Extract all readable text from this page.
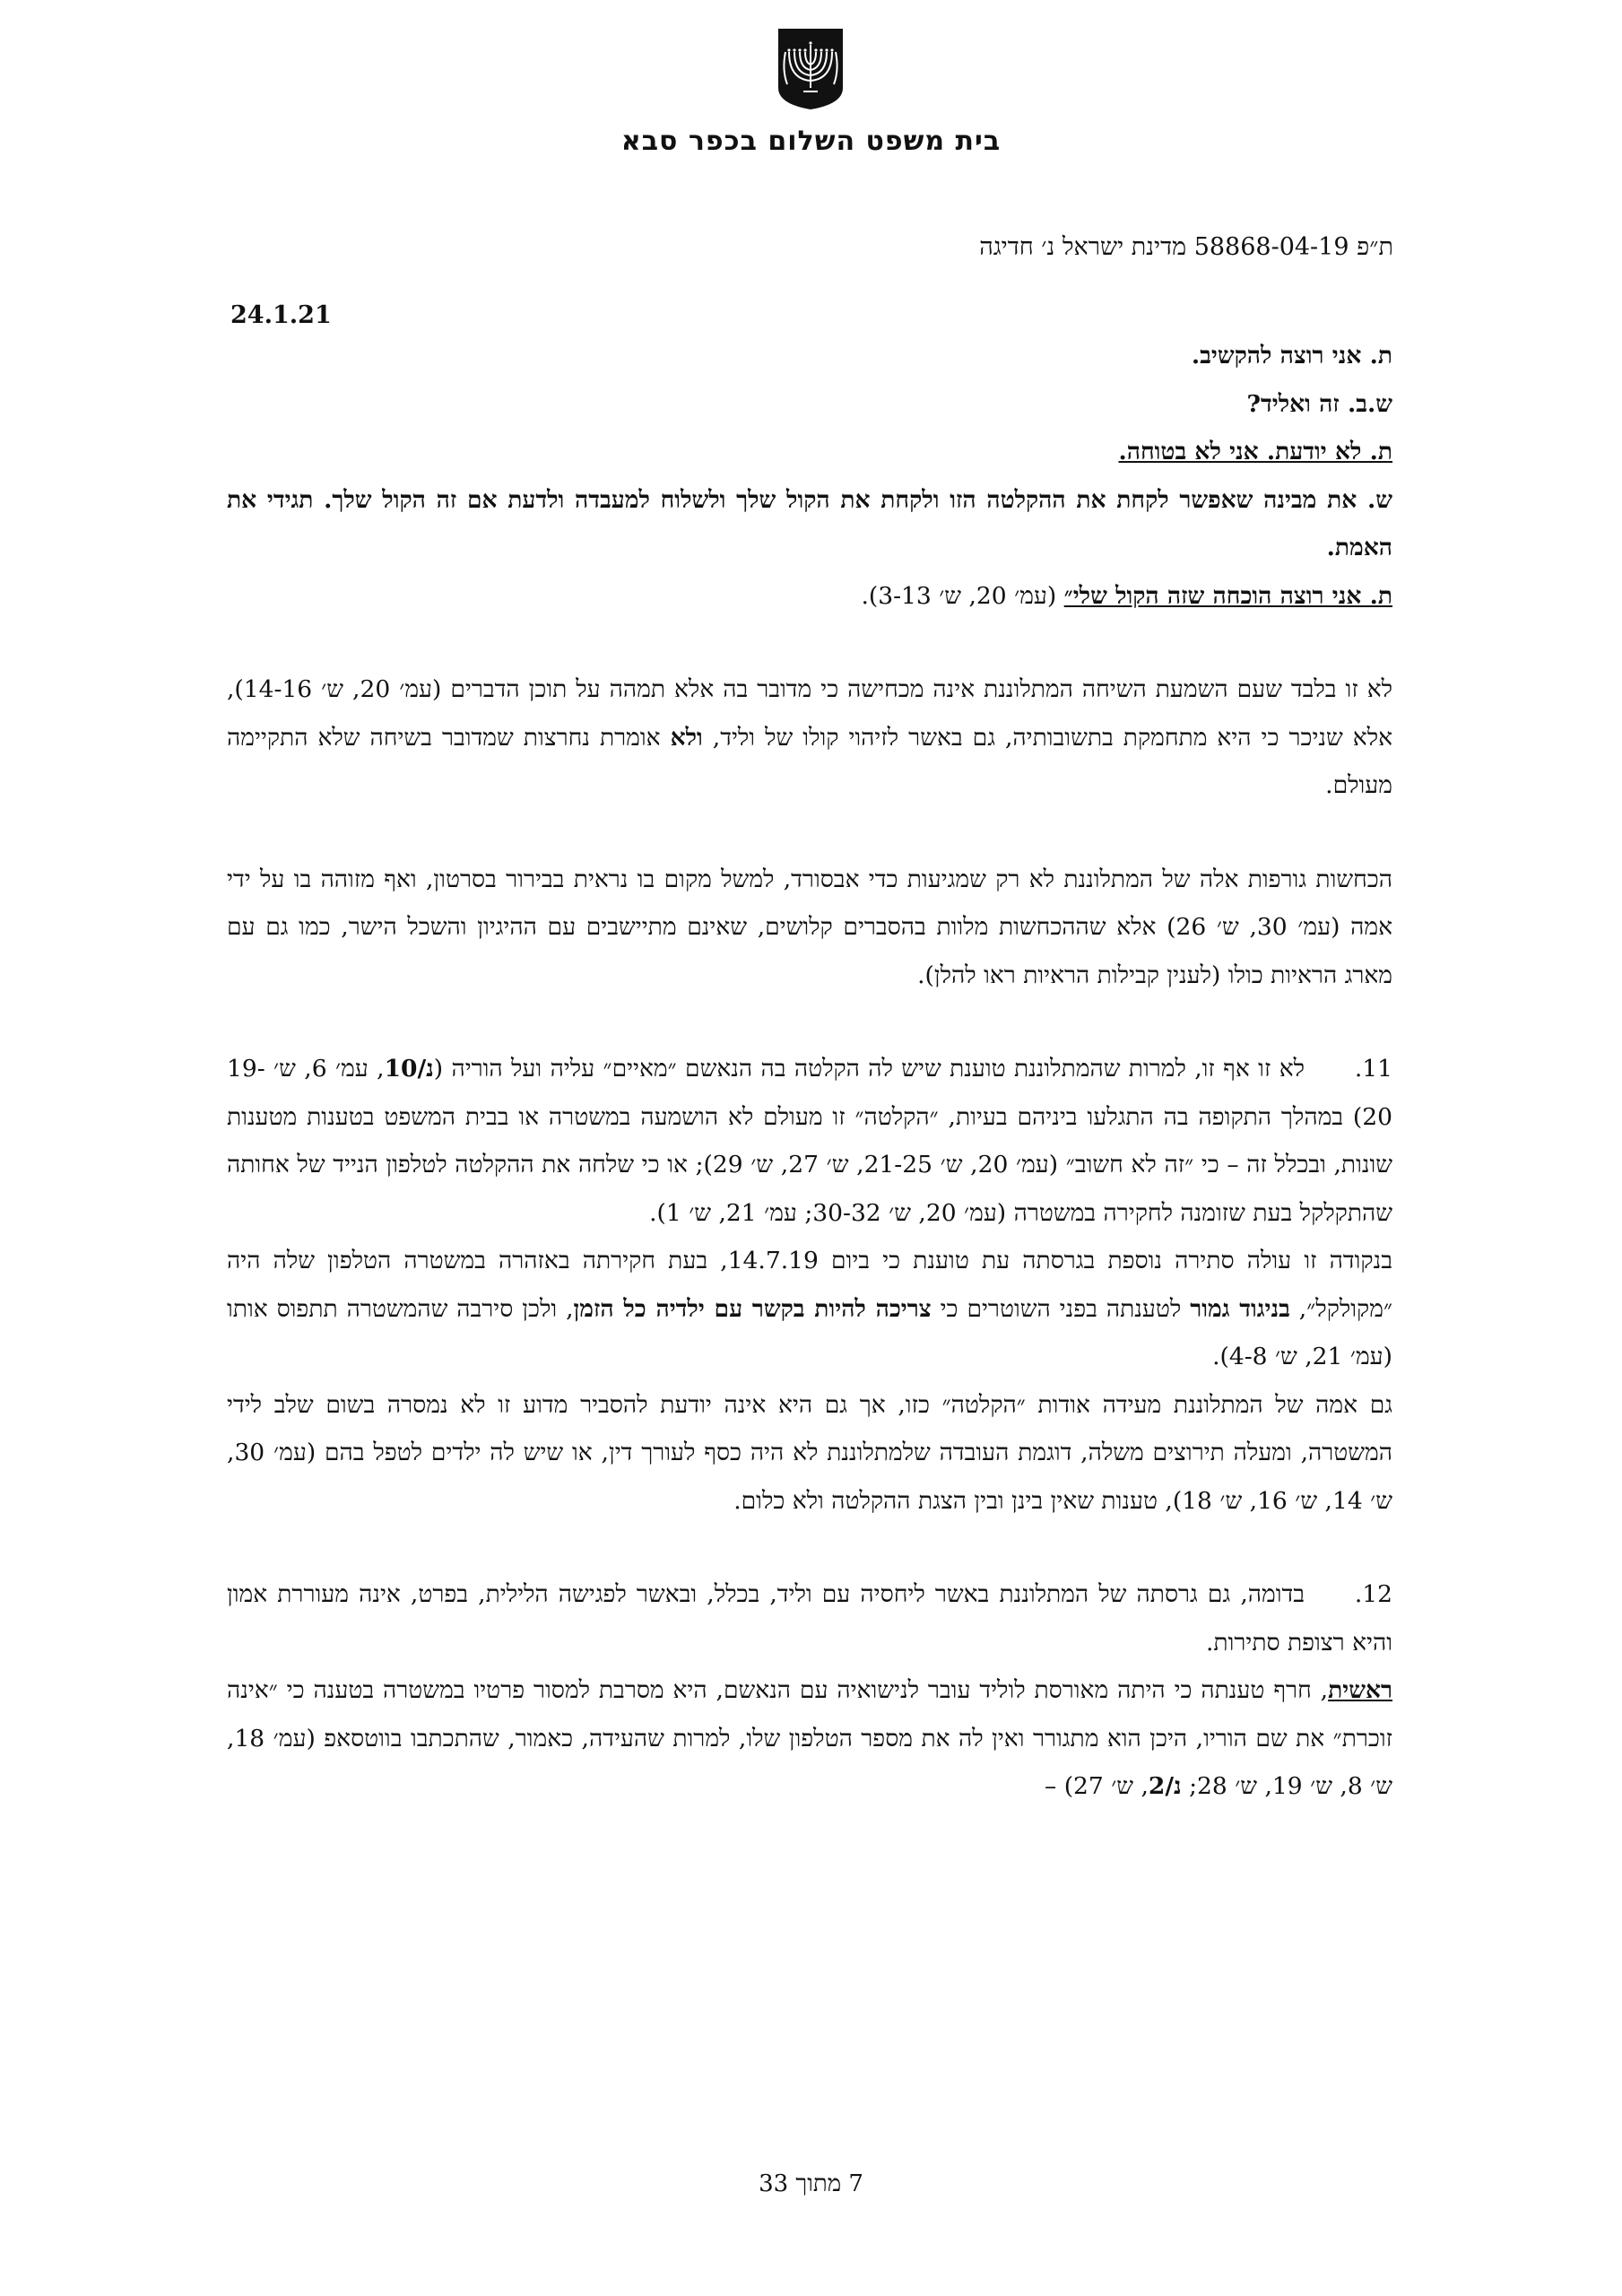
בית משפט השלום בכפר סבא
ת״פ 58868-04-19 מדינת ישראל נ׳ חדיגה
24.1.21

ת. אני רוצה להקשיב.

ש.ב. זה ואליד?

ת. לא יודעת. אני לא בטוחה.

ש. את מבינה שאפשר לקחת את ההקלטה הזו ולקחת את הקול שלך ולשלוח למעבדה ולדעת אם זה הקול שלך. תגידי את האמת.

ת. אני רוצה הוכחה שזה הקול שלי״ (עמ׳ 20, ש׳ 3-13).

לא זו בלבד שעם השמעת השיחה המתלוננת אינה מכחישה כי מדובר בה אלא תמהה על תוכן הדברים (עמ׳ 20, ש׳ 14-16), אלא שניכר כי היא מתחמקת בתשובותיה, גם באשר לזיהוי קולו של וליד, ולא אומרת נחרצות שמדובר בשיחה שלא התקיימה מעולם.

הכחשות גורפות אלה של המתלוננת לא רק שמגיעות כדי אבסורד, למשל מקום בו נראית בבירור בסרטון, ואף מזוהה בו על ידי אמה (עמ׳ 30, ש׳ 26) אלא שההכחשות מלוות בהסברים קלושים, שאינם מתיישבים עם ההיגיון והשכל הישר, כמו גם עם מארג הראיות כולו (לענין קבילות הראיות ראו להלן).

11.לא זו אף זו, למרות שהמתלוננת טוענת שיש לה הקלטה בה הנאשם ״מאיים״ עליה ועל הוריה (נ/10, עמ׳ 6, ש׳ 19-20) במהלך התקופה בה התגלעו ביניהם בעיות, ״הקלטה״ זו מעולם לא הושמעה במשטרה או בבית המשפט בטענות מטענות שונות, ובכלל זה – כי ״זה לא חשוב״ (עמ׳ 20, ש׳ 21-25, ש׳ 27, ש׳ 29); או כי שלחה את ההקלטה לטלפון הנייד של אחותה שהתקלקל בעת שזומנה לחקירה במשטרה (עמ׳ 20, ש׳ 30-32; עמ׳ 21, ש׳ 1).

בנקודה זו עולה סתירה נוספת בגרסתה עת טוענת כי ביום 14.7.19, בעת חקירתה באזהרה במשטרה הטלפון שלה היה ״מקולקל״, בניגוד גמור לטענתה בפני השוטרים כי צריכה להיות בקשר עם ילדיה כל הזמן, ולכן סירבה שהמשטרה תתפוס אותו (עמ׳ 21, ש׳ 4-8).

גם אמה של המתלוננת מעידה אודות ״הקלטה״ כזו, אך גם היא אינה יודעת להסביר מדוע זו לא נמסרה בשום שלב לידי המשטרה, ומעלה תירוצים משלה, דוגמת העובדה שלמתלוננת לא היה כסף לעורך דין, או שיש לה ילדים לטפל בהם (עמ׳ 30, ש׳ 14, ש׳ 16, ש׳ 18), טענות שאין בינן ובין הצגת ההקלטה ולא כלום.

12.בדומה, גם גרסתה של המתלוננת באשר ליחסיה עם וליד, בכלל, ובאשר לפגישה הלילית, בפרט, אינה מעוררת אמון והיא רצופת סתירות.

ראשית, חרף טענתה כי היתה מאורסת לוליד עובר לנישואיה עם הנאשם, היא מסרבת למסור פרטיו במשטרה בטענה כי ״אינה זוכרת״ את שם הוריו, היכן הוא מתגורר ואין לה את מספר הטלפון שלו, למרות שהעידה, כאמור, שהתכתבו בווטסאפ (עמ׳ 18, ש׳ 8, ש׳ 19, ש׳ 28; נ/2, ש׳ 27) –

7 מתוך 33
